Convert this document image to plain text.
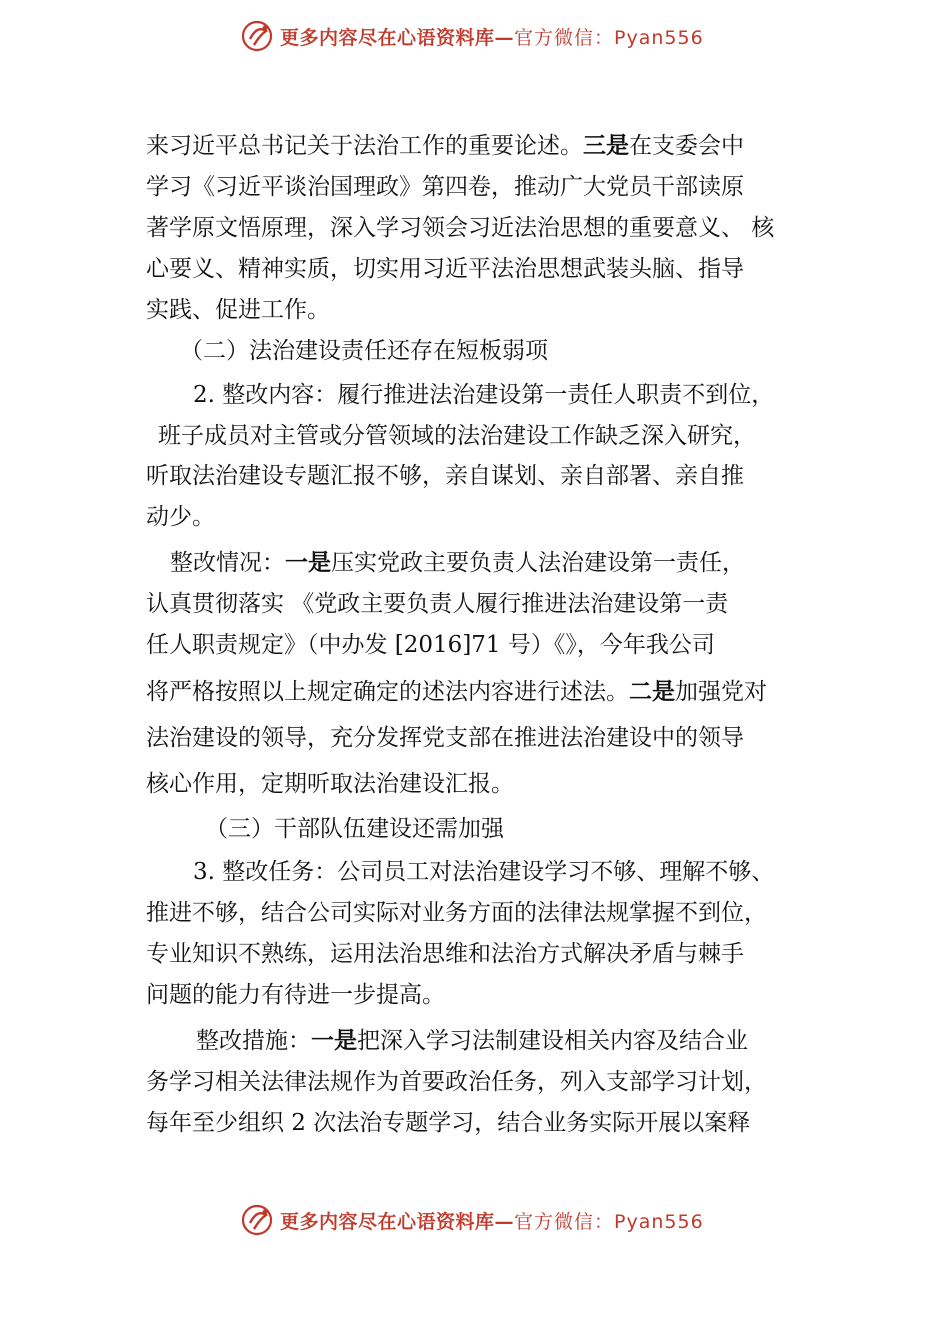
更多内容尽在心语资料库— 官方微信：Pyan556
来习近平总书记关于法治工作的重要论述。三是在支委会中
学习《习近平谈治国理政》第四卷，推动广大党员干部读原
著学原文悟原理，深入学习领会习近法治思想的重要意义、 核
心要义、精神实质，切实用习近平法治思想武装头脑、指导
实践、促进工作。
（二）法治建设责任还存在短板弱项
2. 整改内容：履行推进法治建设第一责任人职责不到位，
班子成员对主管或分管领域的法治建设工作缺乏深入研究，
听取法治建设专题汇报不够，亲自谋划、亲自部署、亲自推
动少。
整改情况：一是压实党政主要负责人法治建设第一责任，
认真贯彻落实 《党政主要负责人履行推进法治建设第一责
任人职责规定》（中办发 [2016]71 号）《》，今年我公司
将严格按照以上规定确定的述法内容进行述法。二是加强党对
法治建设的领导，充分发挥党支部在推进法治建设中的领导
核心作用，定期听取法治建设汇报。
（三）干部队伍建设还需加强
3. 整改任务：公司员工对法治建设学习不够、理解不够、
推进不够，结合公司实际对业务方面的法律法规掌握不到位，
专业知识不熟练，运用法治思维和法治方式解决矛盾与棘手
问题的能力有待进一步提高。
整改措施：一是把深入学习法制建设相关内容及结合业
务学习相关法律法规作为首要政治任务，列入支部学习计划，
每年至少组织 2 次法治专题学习，结合业务实际开展以案释
更多内容尽在心语资料库— 官方微信：Pyan556
